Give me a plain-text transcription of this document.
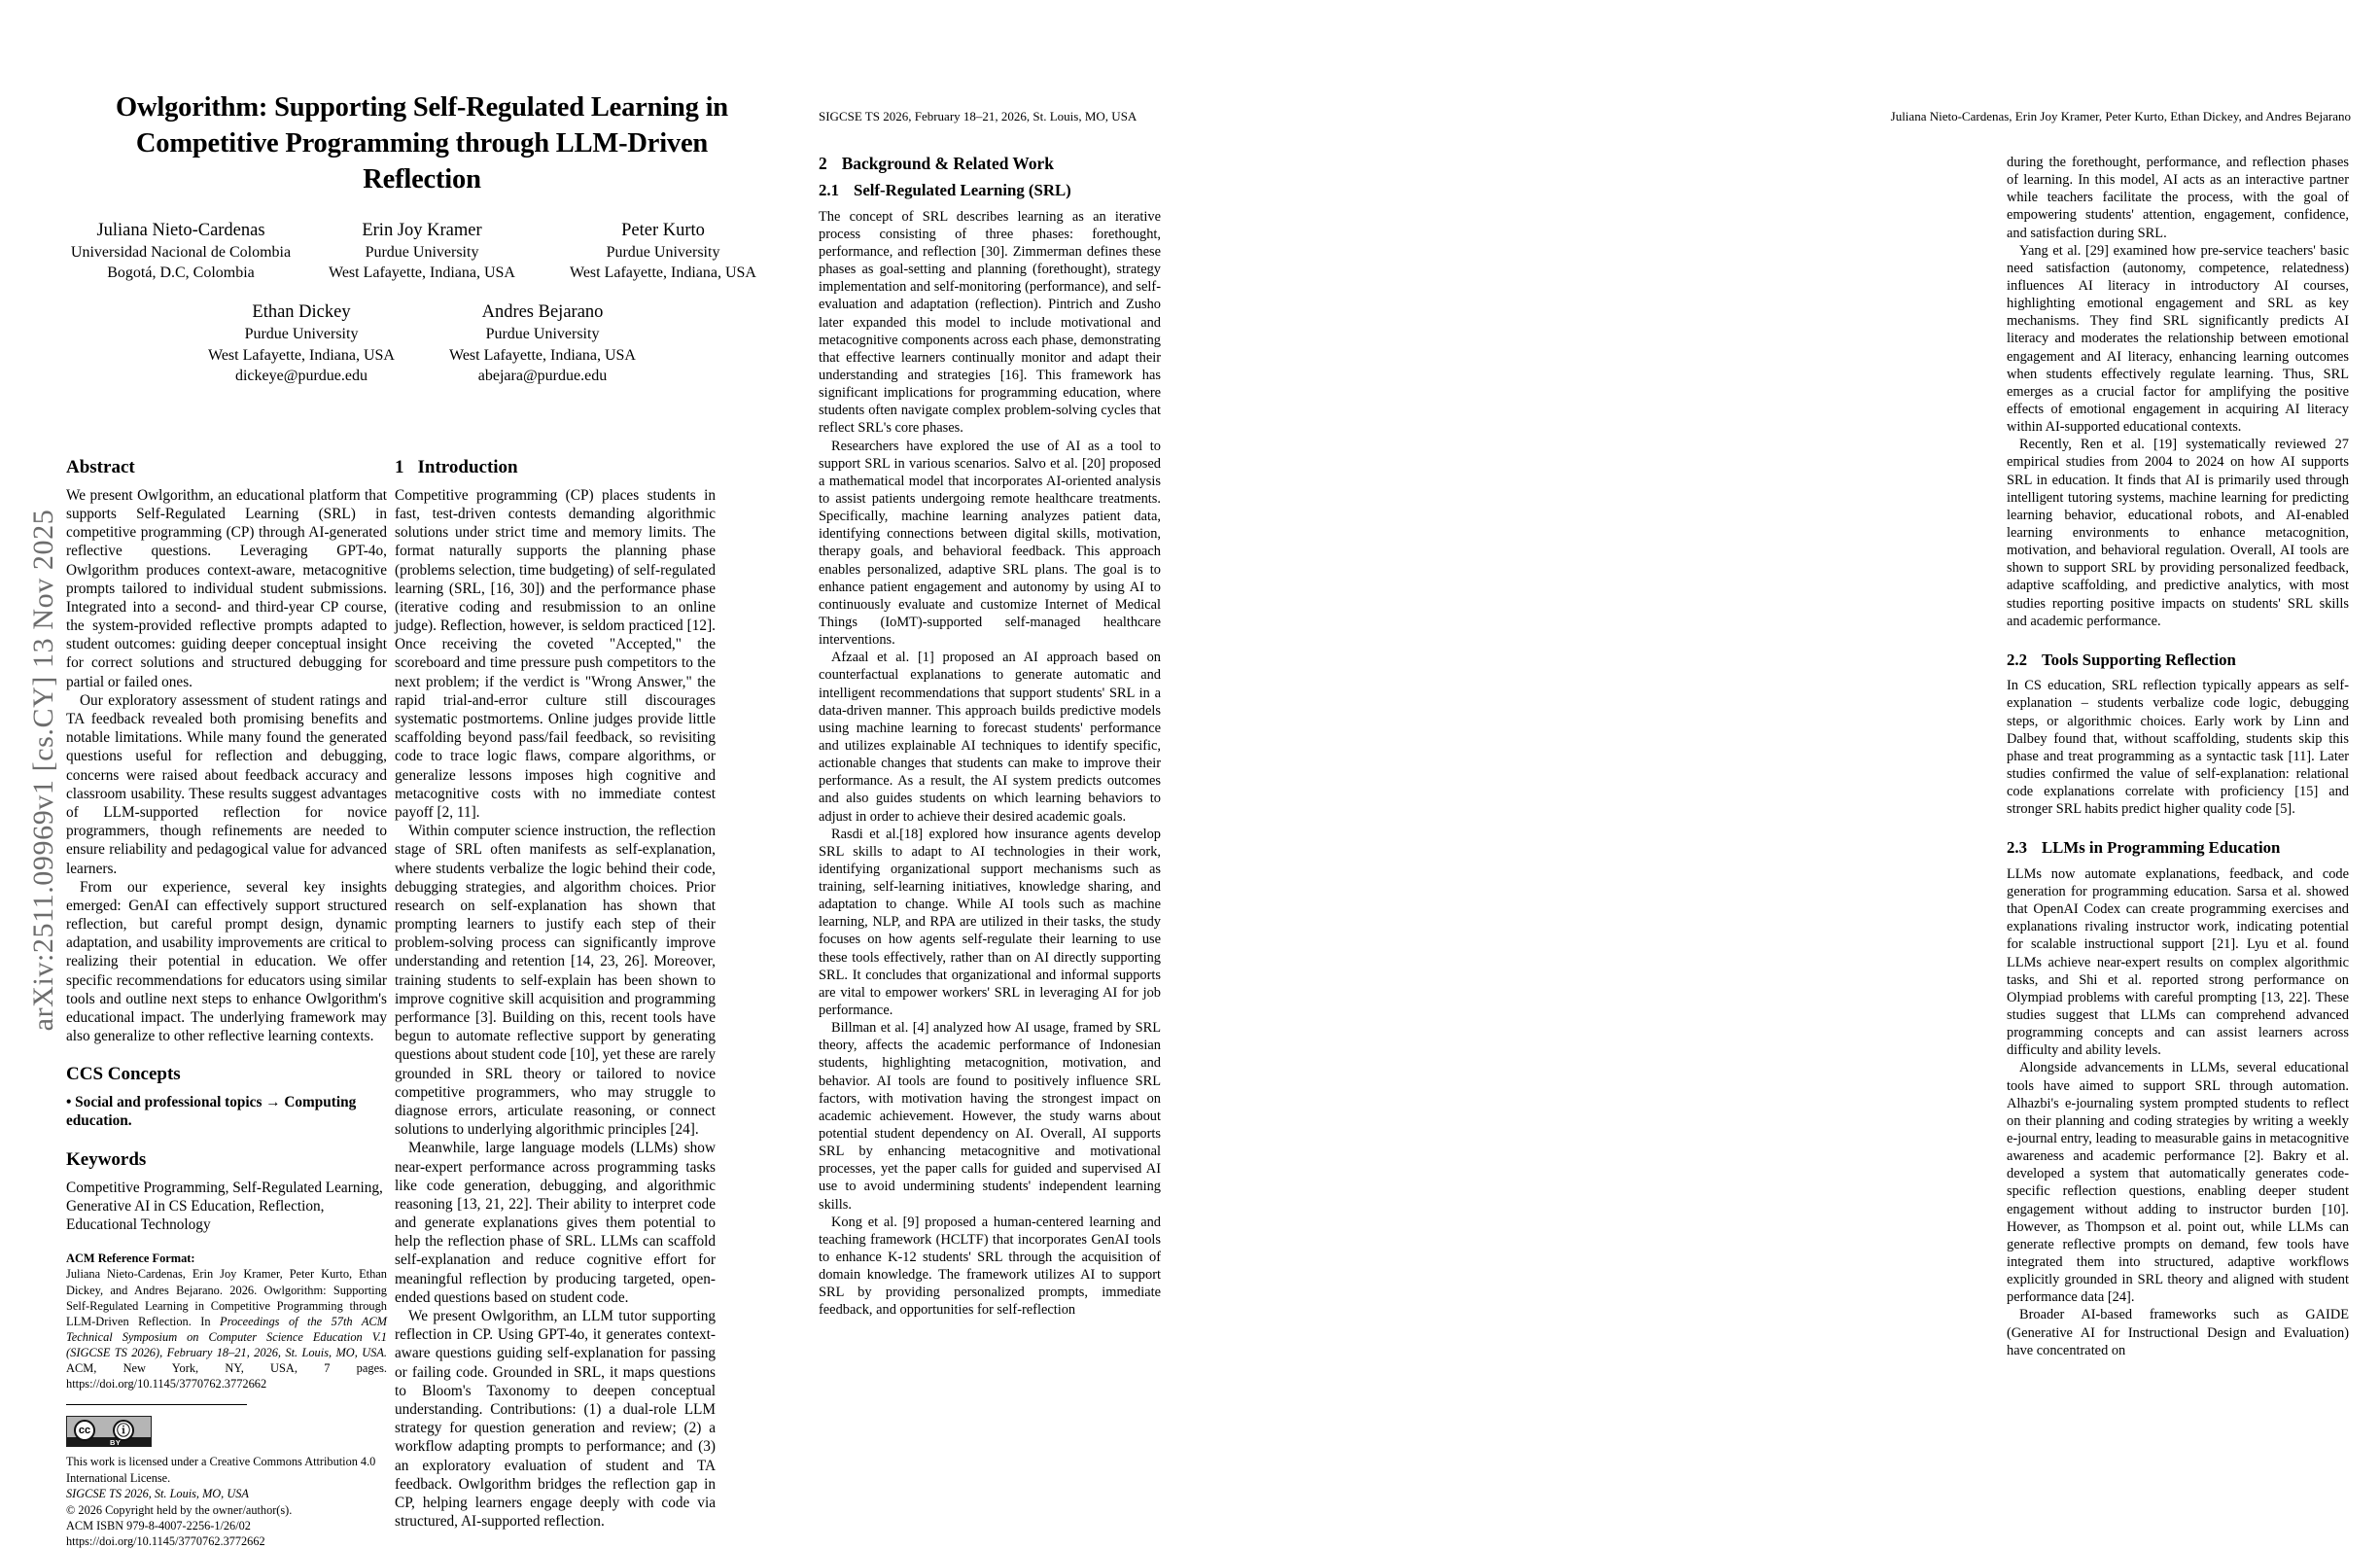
arXiv:2511.09969v1 [cs.CY] 13 Nov 2025
Owlgorithm: Supporting Self-Regulated Learning in Competitive Programming through LLM-Driven Reflection
Juliana Nieto-Cardenas
Universidad Nacional de Colombia
Bogotá, D.C, Colombia
Erin Joy Kramer
Purdue University
West Lafayette, Indiana, USA
Peter Kurto
Purdue University
West Lafayette, Indiana, USA
Ethan Dickey
Purdue University
West Lafayette, Indiana, USA
dickeye@purdue.edu
Andres Bejarano
Purdue University
West Lafayette, Indiana, USA
abejara@purdue.edu
Abstract

We present Owlgorithm, an educational platform that supports Self-Regulated Learning (SRL) in competitive programming (CP) through AI-generated reflective questions. Leveraging GPT-4o, Owlgorithm produces context-aware, metacognitive prompts tailored to individual student submissions. Integrated into a second- and third-year CP course, the system-provided reflective prompts adapted to student outcomes: guiding deeper conceptual insight for correct solutions and structured debugging for partial or failed ones.

Our exploratory assessment of student ratings and TA feedback revealed both promising benefits and notable limitations. While many found the generated questions useful for reflection and debugging, concerns were raised about feedback accuracy and classroom usability. These results suggest advantages of LLM-supported reflection for novice programmers, though refinements are needed to ensure reliability and pedagogical value for advanced learners.

From our experience, several key insights emerged: GenAI can effectively support structured reflection, but careful prompt design, dynamic adaptation, and usability improvements are critical to realizing their potential in education. We offer specific recommendations for educators using similar tools and outline next steps to enhance Owlgorithm's educational impact. The underlying framework may also generalize to other reflective learning contexts.

CCS Concepts

• Social and professional topics → Computing education.

Keywords

Competitive Programming, Self-Regulated Learning, Generative AI in CS Education, Reflection, Educational Technology

ACM Reference Format:
Juliana Nieto-Cardenas, Erin Joy Kramer, Peter Kurto, Ethan Dickey, and Andres Bejarano. 2026. Owlgorithm: Supporting Self-Regulated Learning in Competitive Programming through LLM-Driven Reflection. In Proceedings of the 57th ACM Technical Symposium on Computer Science Education V.1 (SIGCSE TS 2026), February 18–21, 2026, St. Louis, MO, USA. ACM, New York, NY, USA, 7 pages. https://doi.org/10.1145/3770762.3772662
cc	ⓘ
BY
This work is licensed under a Creative Commons Attribution 4.0 International License.
SIGCSE TS 2026, St. Louis, MO, USA
© 2026 Copyright held by the owner/author(s).
ACM ISBN 979-8-4007-2256-1/26/02
https://doi.org/10.1145/3770762.3772662
1 Introduction

Competitive programming (CP) places students in fast, test-driven contests demanding algorithmic solutions under strict time and memory limits. The format naturally supports the planning phase (problems selection, time budgeting) of self-regulated learning (SRL, [16, 30]) and the performance phase (iterative coding and resubmission to an online judge). Reflection, however, is seldom practiced [12]. Once receiving the coveted "Accepted," the scoreboard and time pressure push competitors to the next problem; if the verdict is "Wrong Answer," the rapid trial-and-error culture still discourages systematic postmortems. Online judges provide little scaffolding beyond pass/fail feedback, so revisiting code to trace logic flaws, compare algorithms, or generalize lessons imposes high cognitive and metacognitive costs with no immediate contest payoff [2, 11].

Within computer science instruction, the reflection stage of SRL often manifests as self-explanation, where students verbalize the logic behind their code, debugging strategies, and algorithm choices. Prior research on self-explanation has shown that prompting learners to justify each step of their problem-solving process can significantly improve understanding and retention [14, 23, 26]. Moreover, training students to self-explain has been shown to improve cognitive skill acquisition and programming performance [3]. Building on this, recent tools have begun to automate reflective support by generating questions about student code [10], yet these are rarely grounded in SRL theory or tailored to novice competitive programmers, who may struggle to diagnose errors, articulate reasoning, or connect solutions to underlying algorithmic principles [24].

Meanwhile, large language models (LLMs) show near-expert performance across programming tasks like code generation, debugging, and algorithmic reasoning [13, 21, 22]. Their ability to interpret code and generate explanations gives them potential to help the reflection phase of SRL. LLMs can scaffold self-explanation and reduce cognitive effort for meaningful reflection by producing targeted, open-ended questions based on student code.

We present Owlgorithm, an LLM tutor supporting reflection in CP. Using GPT-4o, it generates context-aware questions guiding self-explanation for passing or failing code. Grounded in SRL, it maps questions to Bloom's Taxonomy to deepen conceptual understanding. Contributions: (1) a dual-role LLM strategy for question generation and review; (2) a workflow adapting prompts to performance; and (3) an exploratory evaluation of student and TA feedback. Owlgorithm bridges the reflection gap in CP, helping learners engage deeply with code via structured, AI-supported reflection.

SIGCSE TS 2026, February 18–21, 2026, St. Louis, MO, USA	Juliana Nieto-Cardenas, Erin Joy Kramer, Peter Kurto, Ethan Dickey, and Andres Bejarano
2 Background & Related Work
2.1 Self-Regulated Learning (SRL)

The concept of SRL describes learning as an iterative process consisting of three phases: forethought, performance, and reflection [30]. Zimmerman defines these phases as goal-setting and planning (forethought), strategy implementation and self-monitoring (performance), and self-evaluation and adaptation (reflection). Pintrich and Zusho later expanded this model to include motivational and metacognitive components across each phase, demonstrating that effective learners continually monitor and adapt their understanding and strategies [16]. This framework has significant implications for programming education, where students often navigate complex problem-solving cycles that reflect SRL's core phases.

Researchers have explored the use of AI as a tool to support SRL in various scenarios. Salvo et al. [20] proposed a mathematical model that incorporates AI-oriented analysis to assist patients undergoing remote healthcare treatments. Specifically, machine learning analyzes patient data, identifying connections between digital skills, motivation, therapy goals, and behavioral feedback. This approach enables personalized, adaptive SRL plans. The goal is to enhance patient engagement and autonomy by using AI to continuously evaluate and customize Internet of Medical Things (IoMT)-supported self-managed healthcare interventions.

Afzaal et al. [1] proposed an AI approach based on counterfactual explanations to generate automatic and intelligent recommendations that support students' SRL in a data-driven manner. This approach builds predictive models using machine learning to forecast students' performance and utilizes explainable AI techniques to identify specific, actionable changes that students can make to improve their performance. As a result, the AI system predicts outcomes and also guides students on which learning behaviors to adjust in order to achieve their desired academic goals.

Rasdi et al.[18] explored how insurance agents develop SRL skills to adapt to AI technologies in their work, identifying organizational support mechanisms such as training, self-learning initiatives, knowledge sharing, and adaptation to change. While AI tools such as machine learning, NLP, and RPA are utilized in their tasks, the study focuses on how agents self-regulate their learning to use these tools effectively, rather than on AI directly supporting SRL. It concludes that organizational and informal supports are vital to empower workers' SRL in leveraging AI for job performance.

Billman et al. [4] analyzed how AI usage, framed by SRL theory, affects the academic performance of Indonesian students, highlighting metacognition, motivation, and behavior. AI tools are found to positively influence SRL factors, with motivation having the strongest impact on academic achievement. However, the study warns about potential student dependency on AI. Overall, AI supports SRL by enhancing metacognitive and motivational processes, yet the paper calls for guided and supervised AI use to avoid undermining students' independent learning skills.

Kong et al. [9] proposed a human-centered learning and teaching framework (HCLTF) that incorporates GenAI tools to enhance K-12 students' SRL through the acquisition of domain knowledge. The framework utilizes AI to support SRL by providing personalized prompts, immediate feedback, and opportunities for self-reflection

during the forethought, performance, and reflection phases of learning. In this model, AI acts as an interactive partner while teachers facilitate the process, with the goal of empowering students' attention, engagement, confidence, and satisfaction during SRL.

Yang et al. [29] examined how pre-service teachers' basic need satisfaction (autonomy, competence, relatedness) influences AI literacy in introductory AI courses, highlighting emotional engagement and SRL as key mechanisms. They find SRL significantly predicts AI literacy and moderates the relationship between emotional engagement and AI literacy, enhancing learning outcomes when students effectively regulate learning. Thus, SRL emerges as a crucial factor for amplifying the positive effects of emotional engagement in acquiring AI literacy within AI-supported educational contexts.

Recently, Ren et al. [19] systematically reviewed 27 empirical studies from 2004 to 2024 on how AI supports SRL in education. It finds that AI is primarily used through intelligent tutoring systems, machine learning for predicting learning behavior, educational robots, and AI-enabled learning environments to enhance metacognition, motivation, and behavioral regulation. Overall, AI tools are shown to support SRL by providing personalized feedback, adaptive scaffolding, and predictive analytics, with most studies reporting positive impacts on students' SRL skills and academic performance.

2.2 Tools Supporting Reflection

In CS education, SRL reflection typically appears as self-explanation – students verbalize code logic, debugging steps, or algorithmic choices. Early work by Linn and Dalbey found that, without scaffolding, students skip this phase and treat programming as a syntactic task [11]. Later studies confirmed the value of self-explanation: relational code explanations correlate with proficiency [15] and stronger SRL habits predict higher quality code [5].

2.3 LLMs in Programming Education

LLMs now automate explanations, feedback, and code generation for programming education. Sarsa et al. showed that OpenAI Codex can create programming exercises and explanations rivaling instructor work, indicating potential for scalable instructional support [21]. Lyu et al. found LLMs achieve near-expert results on complex algorithmic tasks, and Shi et al. reported strong performance on Olympiad problems with careful prompting [13, 22]. These studies suggest that LLMs can comprehend advanced programming concepts and can assist learners across difficulty and ability levels.

Alongside advancements in LLMs, several educational tools have aimed to support SRL through automation. Alhazbi's e-journaling system prompted students to reflect on their planning and coding strategies by writing a weekly e-journal entry, leading to measurable gains in metacognitive awareness and academic performance [2]. Bakry et al. developed a system that automatically generates code-specific reflection questions, enabling deeper student engagement without adding to instructor burden [10]. However, as Thompson et al. point out, while LLMs can generate reflective prompts on demand, few tools have integrated them into structured, adaptive workflows explicitly grounded in SRL theory and aligned with student performance data [24].

Broader AI-based frameworks such as GAIDE (Generative AI for Instructional Design and Evaluation) have concentrated on
